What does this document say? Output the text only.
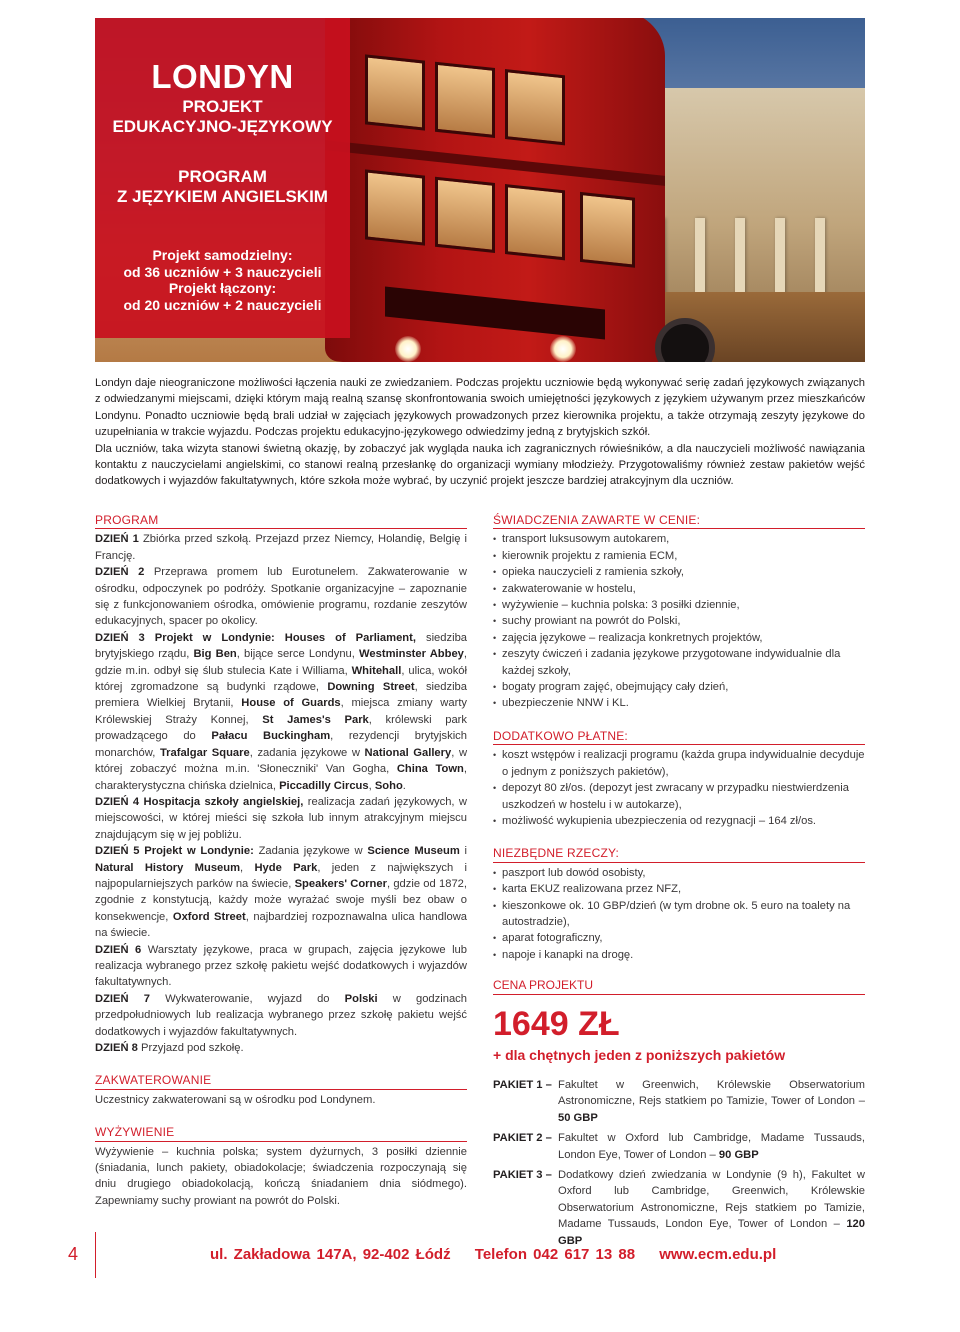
LONDYN
PROJEKT
EDUKACYJNO-JĘZYKOWY
PROGRAM
Z JĘZYKIEM ANGIELSKIM
Projekt samodzielny:
od 36 uczniów + 3 nauczycieli
Projekt łączony:
od 20 uczniów + 2 nauczycieli

Londyn daje nieograniczone możliwości łączenia nauki ze zwiedzaniem. Podczas projektu uczniowie będą wykonywać serię zadań językowych związanych z odwiedzanymi miejscami, dzięki którym mają realną szansę skonfrontowania swoich umiejętności językowych z językiem używanym przez mieszkańców Londynu. Ponadto uczniowie będą brali udział w zajęciach językowych prowadzonych przez kierownika projektu, a także otrzymają zeszyty językowe do uzupełniania w trakcie wyjazdu. Podczas projektu edukacyjno-językowego odwiedzimy jedną z brytyjskich szkół.

Dla uczniów, taka wizyta stanowi świetną okazję, by zobaczyć jak wygląda nauka ich zagranicznych rówieśników, a dla nauczycieli możliwość nawiązania kontaktu z nauczycielami angielskimi, co stanowi realną przesłankę do organizacji wymiany młodzieży. Przygotowaliśmy również zestaw pakietów wejść dodatkowych i wyjazdów fakultatywnych, które szkoła może wybrać, by uczynić projekt jeszcze bardziej atrakcyjnym dla uczniów.

PROGRAM

DZIEŃ 1 Zbiórka przed szkołą. Przejazd przez Niemcy, Holandię, Belgię i Francję.

DZIEŃ 2 Przeprawa promem lub Eurotunelem. Zakwaterowanie w ośrodku, odpoczynek po podróży. Spotkanie organizacyjne – zapoznanie się z funkcjonowaniem ośrodka, omówienie programu, rozdanie zeszytów edukacyjnych, spacer po okolicy.

DZIEŃ 3 Projekt w Londynie: Houses of Parliament, siedziba brytyjskiego rządu, Big Ben, bijące serce Londynu, Westminster Abbey, gdzie m.in. odbył się ślub stulecia Kate i Williama, Whitehall, ulica, wokół której zgromadzone są budynki rządowe, Downing Street, siedziba premiera Wielkiej Brytanii, House of Guards, miejsca zmiany warty Królewskiej Straży Konnej, St James's Park, królewski park prowadzącego do Pałacu Buckingham, rezydencji brytyjskich monarchów, Trafalgar Square, zadania językowe w National Gallery, w której zobaczyć można m.in. 'Słoneczniki' Van Gogha, China Town, charakterystyczna chińska dzielnica, Piccadilly Circus, Soho.

DZIEŃ 4 Hospitacja szkoły angielskiej, realizacja zadań językowych, w miejscowości, w której mieści się szkoła lub innym atrakcyjnym miejscu znajdującym się w jej pobliżu.

DZIEŃ 5 Projekt w Londynie: Zadania językowe w Science Museum i Natural History Museum, Hyde Park, jeden z największych i najpopularniejszych parków na świecie, Speakers' Corner, gdzie od 1872, zgodnie z konstytucją, każdy może wyrażać swoje myśli bez obaw o konsekwencje, Oxford Street, najbardziej rozpoznawalna ulica handlowa na świecie.

DZIEŃ 6 Warsztaty językowe, praca w grupach, zajęcia językowe lub realizacja wybranego przez szkołę pakietu wejść dodatkowych i wyjazdów fakultatywnych.

DZIEŃ 7 Wykwaterowanie, wyjazd do Polski w godzinach przedpołudniowych lub realizacja wybranego przez szkołę pakietu wejść dodatkowych i wyjazdów fakultatywnych.

DZIEŃ 8 Przyjazd pod szkołę.

ZAKWATEROWANIE

Uczestnicy zakwaterowani są w ośrodku pod Londynem.

WYŻYWIENIE

Wyżywienie – kuchnia polska; system dyżurnych, 3 posiłki dziennie (śniadania, lunch pakiety, obiadokolacje; świadczenia rozpoczynają się dniu drugiego obiadokolacją, kończą śniadaniem dnia siódmego). Zapewniamy suchy prowiant na powrót do Polski.

ŚWIADCZENIA ZAWARTE W CENIE:
• transport luksusowym autokarem,
• kierownik projektu z ramienia ECM,
• opieka nauczycieli z ramienia szkoły,
• zakwaterowanie w hostelu,
• wyżywienie – kuchnia polska: 3 posiłki dziennie,
• suchy prowiant na powrót do Polski,
• zajęcia językowe – realizacja konkretnych projektów,
• zeszyty ćwiczeń i zadania językowe przygotowane indywidualnie dla każdej szkoły,
• bogaty program zajęć, obejmujący cały dzień,
• ubezpieczenie NNW i KL.
DODATKOWO PŁATNE:
• koszt wstępów i realizacji programu (każda grupa indywidualnie decyduje o jednym z poniższych pakietów),
• depozyt 80 zł/os. (depozyt jest zwracany w przypadku niestwierdzenia uszkodzeń w hostelu i w autokarze),
• możliwość wykupienia ubezpieczenia od rezygnacji – 164 zł/os.
NIEZBĘDNE RZECZY:
• paszport lub dowód osobisty,
• karta EKUZ realizowana przez NFZ,
• kieszonkowe ok. 10 GBP/dzień (w tym drobne ok. 5 euro na toalety na autostradzie),
• aparat fotograficzny,
• napoje i kanapki na drogę.
CENA PROJEKTU
1649 ZŁ
+ dla chętnych jeden z poniższych pakietów
PAKIET 1 – Fakultet w Greenwich, Królewskie Obserwatorium Astronomiczne, Rejs statkiem po Tamizie, Tower of London – 50 GBP
PAKIET 2 – Fakultet w Oxford lub Cambridge, Madame Tussauds, London Eye, Tower of London – 90 GBP
PAKIET 3 – Dodatkowy dzień zwiedzania w Londynie (9 h), Fakultet w Oxford lub Cambridge, Greenwich, Królewskie Obserwatorium Astronomiczne, Rejs statkiem po Tamizie, Madame Tussauds, London Eye, Tower of London – 120 GBP
4	ul. Zakładowa 147A, 92-402 Łódź Telefon 042 617 13 88 www.ecm.edu.pl
